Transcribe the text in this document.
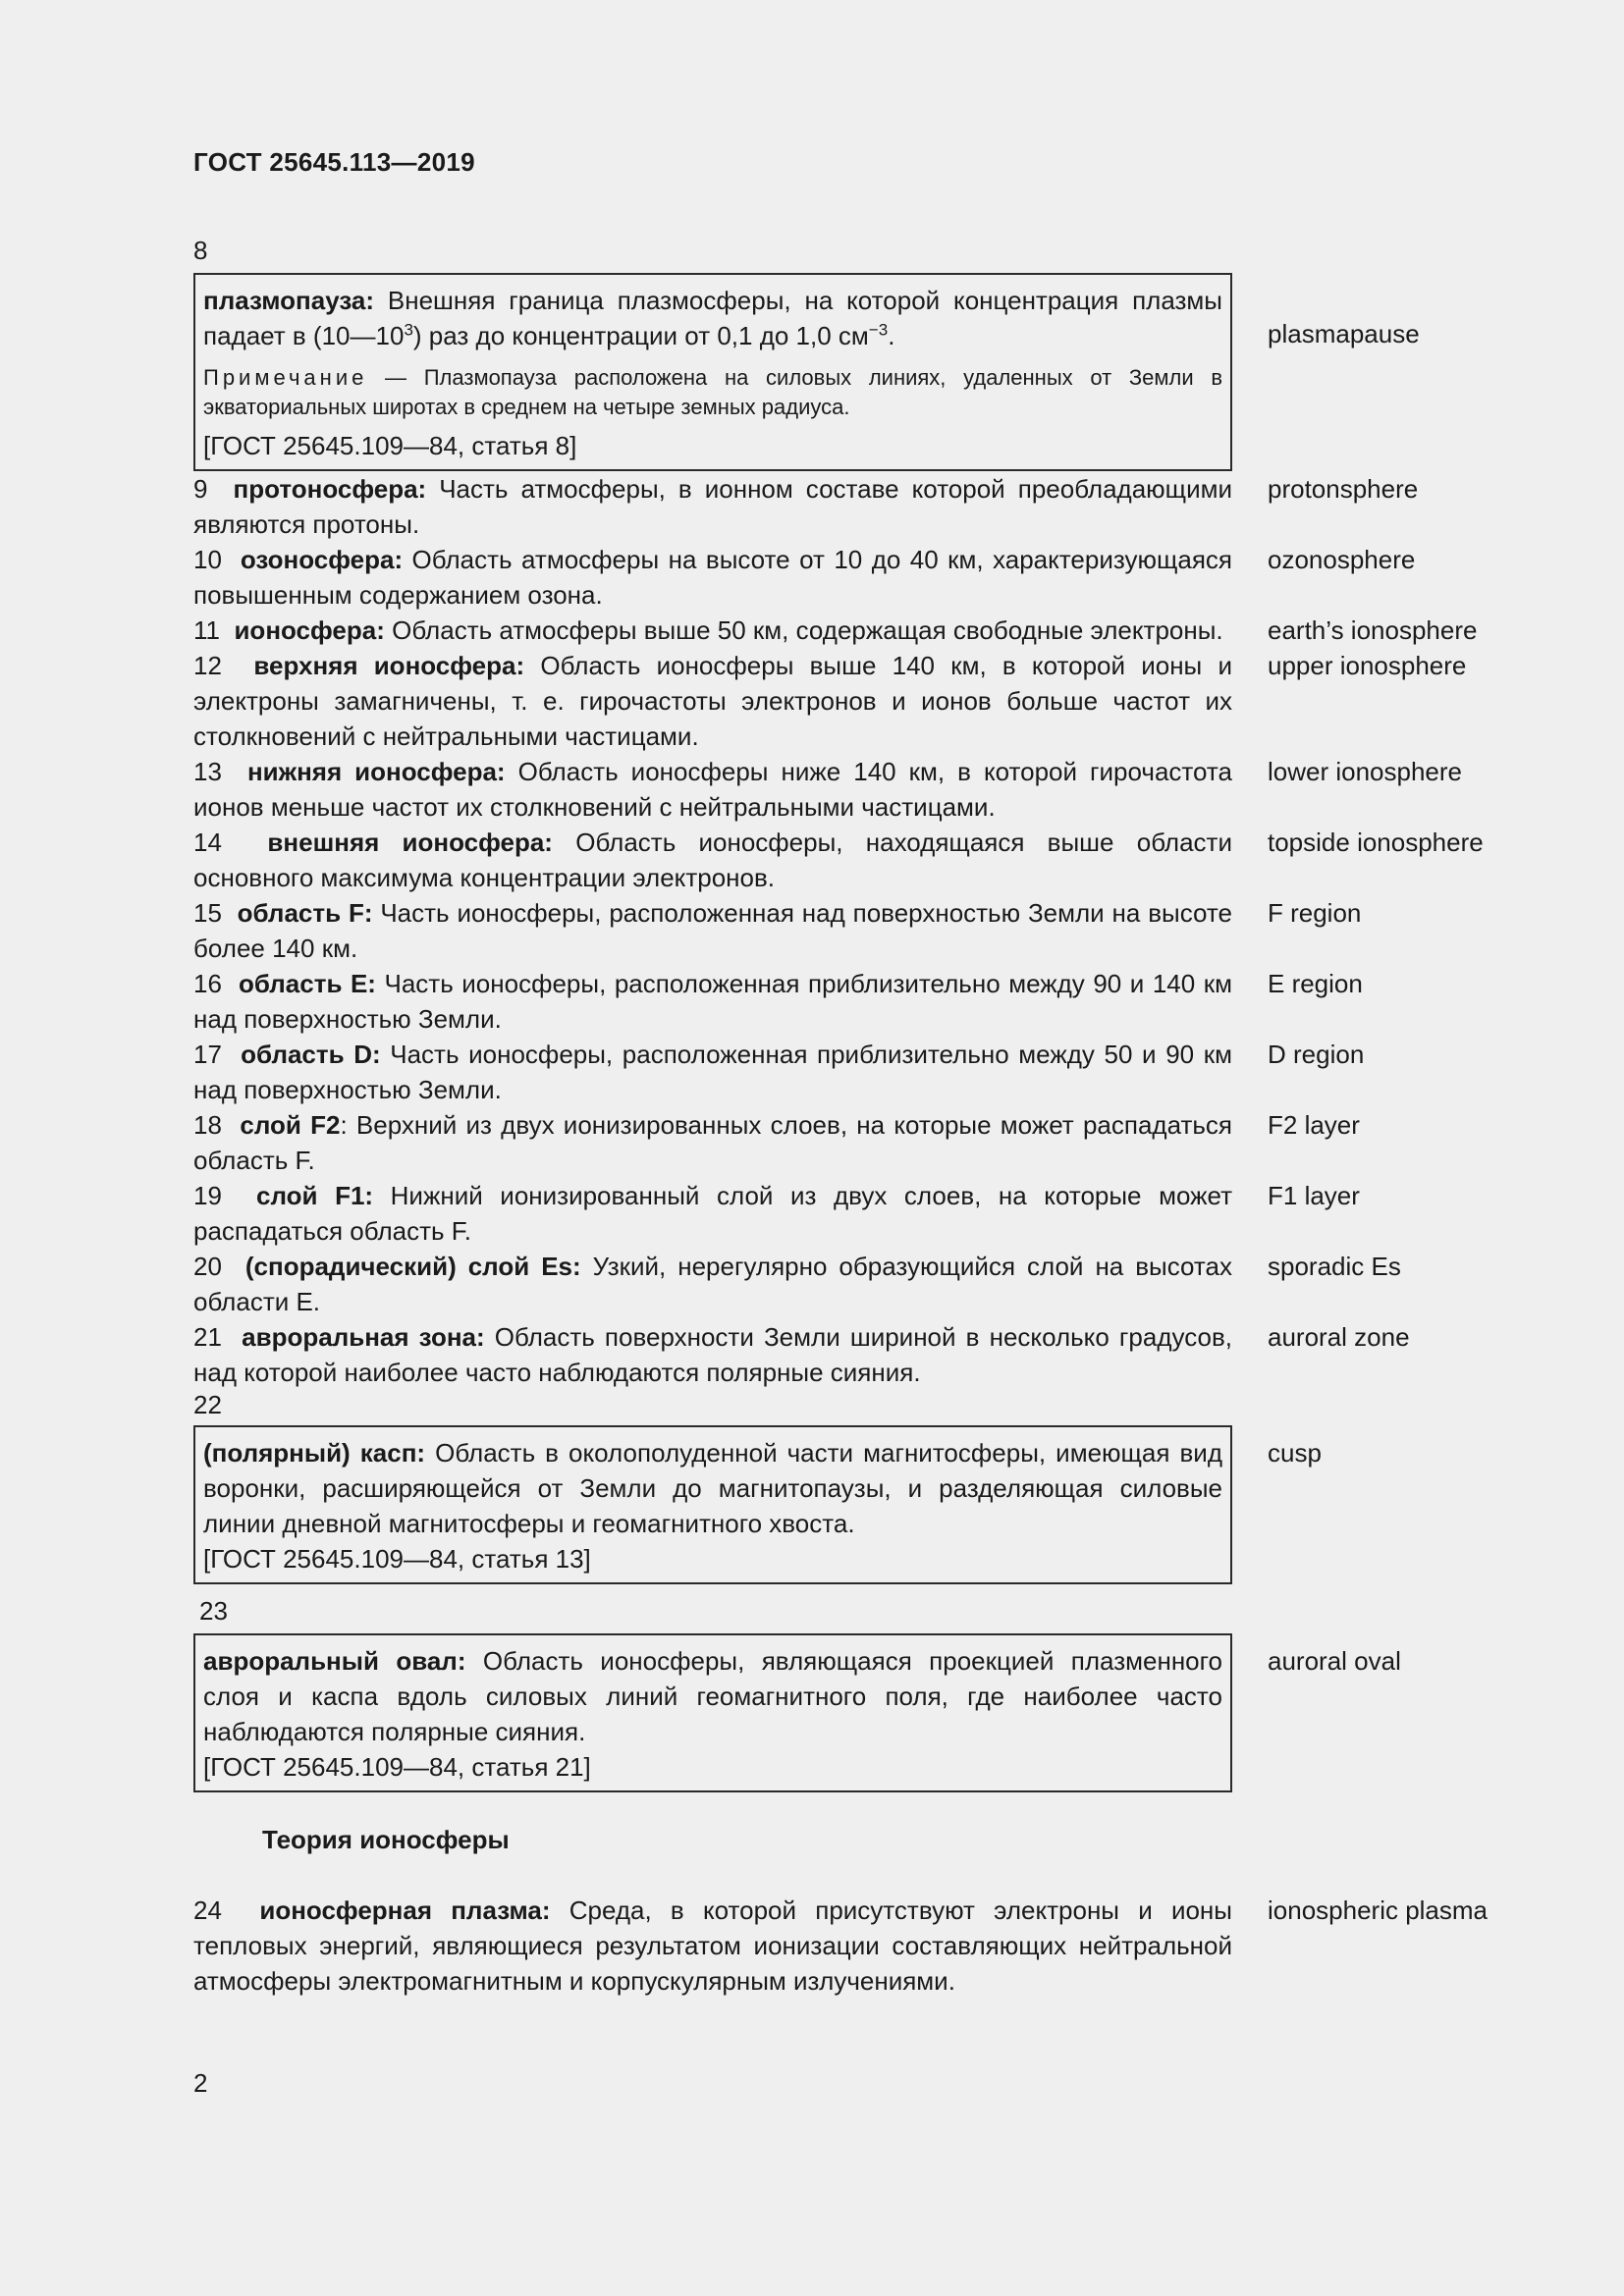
ГОСТ 25645.113—2019
8
плазмопауза: Внешняя граница плазмосферы, на которой концентрация плазмы падает в $(10—10^3)$ раз до концентрации от 0,1 до 1,0 $см^{-3}$.
Примечание — Плазмопауза расположена на силовых линиях, удаленных от Земли в экваториальных широтах в среднем на четыре земных радиуса.
[ГОСТ 25645.109—84, статья 8]
plasmapause
9 протоносфера: Часть атмосферы, в ионном составе которой преобладающими являются протоны.
protonsphere
10 озоносфера: Область атмосферы на высоте от 10 до 40 км, характеризующаяся повышенным содержанием озона.
ozonosphere
11 ионосфера: Область атмосферы выше 50 км, содержащая свободные электроны.	earth’s ionosphere
12 верхняя ионосфера: Область ионосферы выше 140 км, в которой ионы и электроны замагничены, т. е. гирочастоты электронов и ионов больше частот их столкновений с нейтральными частицами.
upper ionosphere
13 нижняя ионосфера: Область ионосферы ниже 140 км, в которой гирочастота ионов меньше частот их столкновений с нейтральными частицами.
lower ionosphere
14 внешняя ионосфера: Область ионосферы, находящаяся выше области основного максимума концентрации электронов.
topside ionosphere
15 область F: Часть ионосферы, расположенная над поверхностью Земли на высоте более 140 км.
F region
16 область E: Часть ионосферы, расположенная приблизительно между 90 и 140 км над поверхностью Земли.
E region
17 область D: Часть ионосферы, расположенная приблизительно между 50 и 90 км над поверхностью Земли.
D region
18 слой F2: Верхний из двух ионизированных слоев, на которые может распадаться область F.
F2 layer
19 слой F1: Нижний ионизированный слой из двух слоев, на которые может распадаться область F.
F1 layer
20 (спорадический) слой Es: Узкий, нерегулярно образующийся слой на высотах области E.
sporadic Es
21 авроральная зона: Область поверхности Земли шириной в несколько градусов, над которой наиболее часто наблюдаются полярные сияния.
auroral zone
22
(полярный) касп: Область в околополуденной части магнитосферы, имеющая вид воронки, расширяющейся от Земли до магнитопаузы, и разделяющая силовые линии дневной магнитосферы и геомагнитного хвоста.
[ГОСТ 25645.109—84, статья 13]
cusp
23
авроральный овал: Область ионосферы, являющаяся проекцией плазменного слоя и каспа вдоль силовых линий геомагнитного поля, где наиболее часто наблюдаются полярные сияния.
[ГОСТ 25645.109—84, статья 21]
auroral oval
Теория ионосферы
24 ионосферная плазма: Среда, в которой присутствуют электроны и ионы тепловых энергий, являющиеся результатом ионизации составляющих нейтральной атмосферы электромагнитным и корпускулярным излучениями.
ionospheric plasma
2
